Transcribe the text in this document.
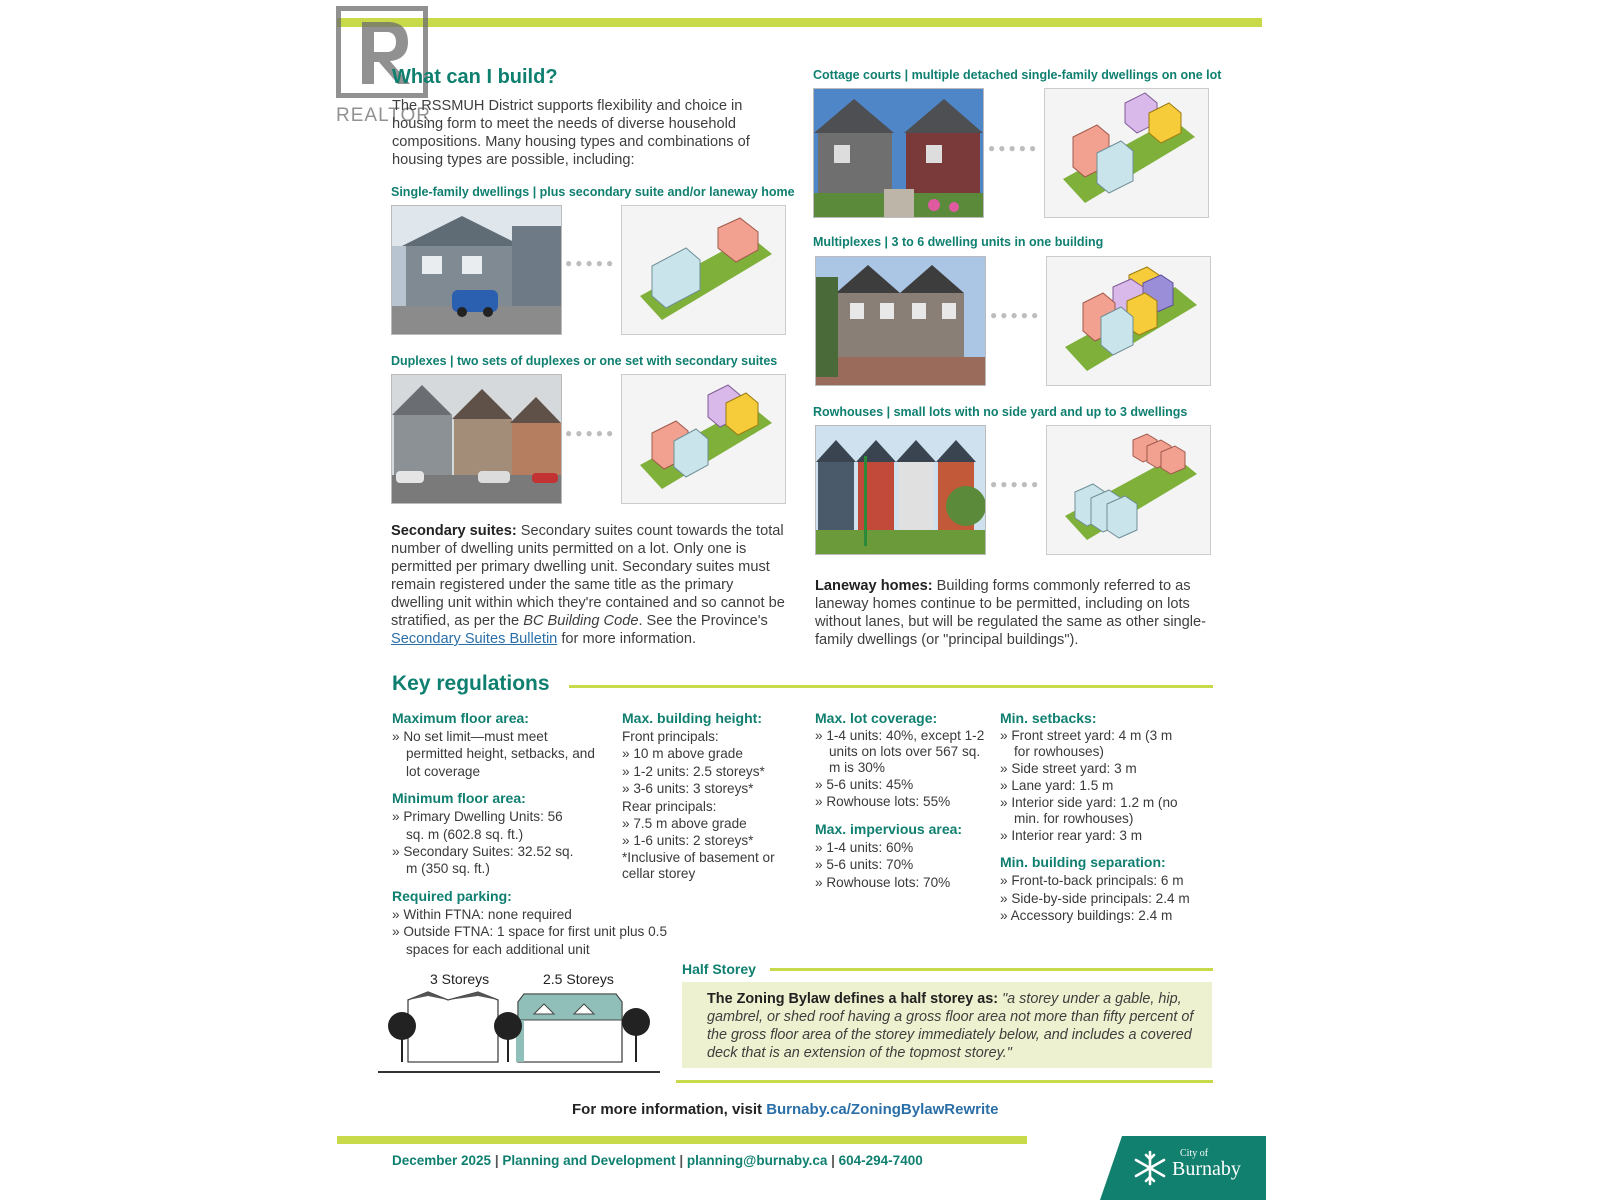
REALTOR
What can I build?
The RSSMUH District supports flexibility and choice in housing form to meet the needs of diverse household compositions. Many housing types and combinations of housing types are possible, including:
Single-family dwellings | plus secondary suite and/or laneway home
●●●●●
Duplexes | two sets of duplexes or one set with secondary suites
●●●●●
Secondary suites: Secondary suites count towards the total number of dwelling units permitted on a lot. Only one is permitted per primary dwelling unit. Secondary suites must remain registered under the same title as the primary dwelling unit within which they're contained and so cannot be stratified, as per the BC Building Code. See the Province's Secondary Suites Bulletin for more information.
Cottage courts | multiple detached single-family dwellings on one lot
●●●●●
Multiplexes | 3 to 6 dwelling units in one building
●●●●●
Rowhouses | small lots with no side yard and up to 3 dwellings
●●●●●
Laneway homes: Building forms commonly referred to as laneway homes continue to be permitted, including on lots without lanes, but will be regulated the same as other single-family dwellings (or "principal buildings").
Key regulations
Maximum floor area:
» No set limit—must meet permitted height, setbacks, and lot coverage
Minimum floor area:
» Primary Dwelling Units: 56 sq. m (602.8 sq. ft.)
» Secondary Suites: 32.52 sq. m (350 sq. ft.)
Required parking:
» Within FTNA: none required
» Outside FTNA: 1 space for first unit plus 0.5 spaces for each additional unit
Max. building height:
Front principals:
» 10 m above grade
» 1-2 units: 2.5 storeys*
» 3-6 units: 3 storeys*
Rear principals:
» 7.5 m above grade
» 1-6 units: 2 storeys*
*Inclusive of basement or cellar storey
Max. lot coverage:
» 1-4 units: 40%, except 1-2 units on lots over 567 sq. m is 30%
» 5-6 units: 45%
» Rowhouse lots: 55%
Max. impervious area:
» 1-4 units: 60%
» 5-6 units: 70%
» Rowhouse lots: 70%
Min. setbacks:
» Front street yard: 4 m (3 m for rowhouses)
» Side street yard: 3 m
» Lane yard: 1.5 m
» Interior side yard: 1.2 m (no min. for rowhouses)
» Interior rear yard: 3 m
Min. building separation:
» Front-to-back principals: 6 m
» Side-by-side principals: 2.4 m
» Accessory buildings: 2.4 m
3 Storeys	2.5 Storeys
Half Storey
The Zoning Bylaw defines a half storey as: "a storey under a gable, hip, gambrel, or shed roof having a gross floor area not more than fifty percent of the gross floor area of the storey immediately below, and includes a covered deck that is an extension of the topmost storey."
For more information, visit Burnaby.ca/ZoningBylawRewrite
December 2025 | Planning and Development | planning@burnaby.ca | 604-294-7400	City of
Burnaby
